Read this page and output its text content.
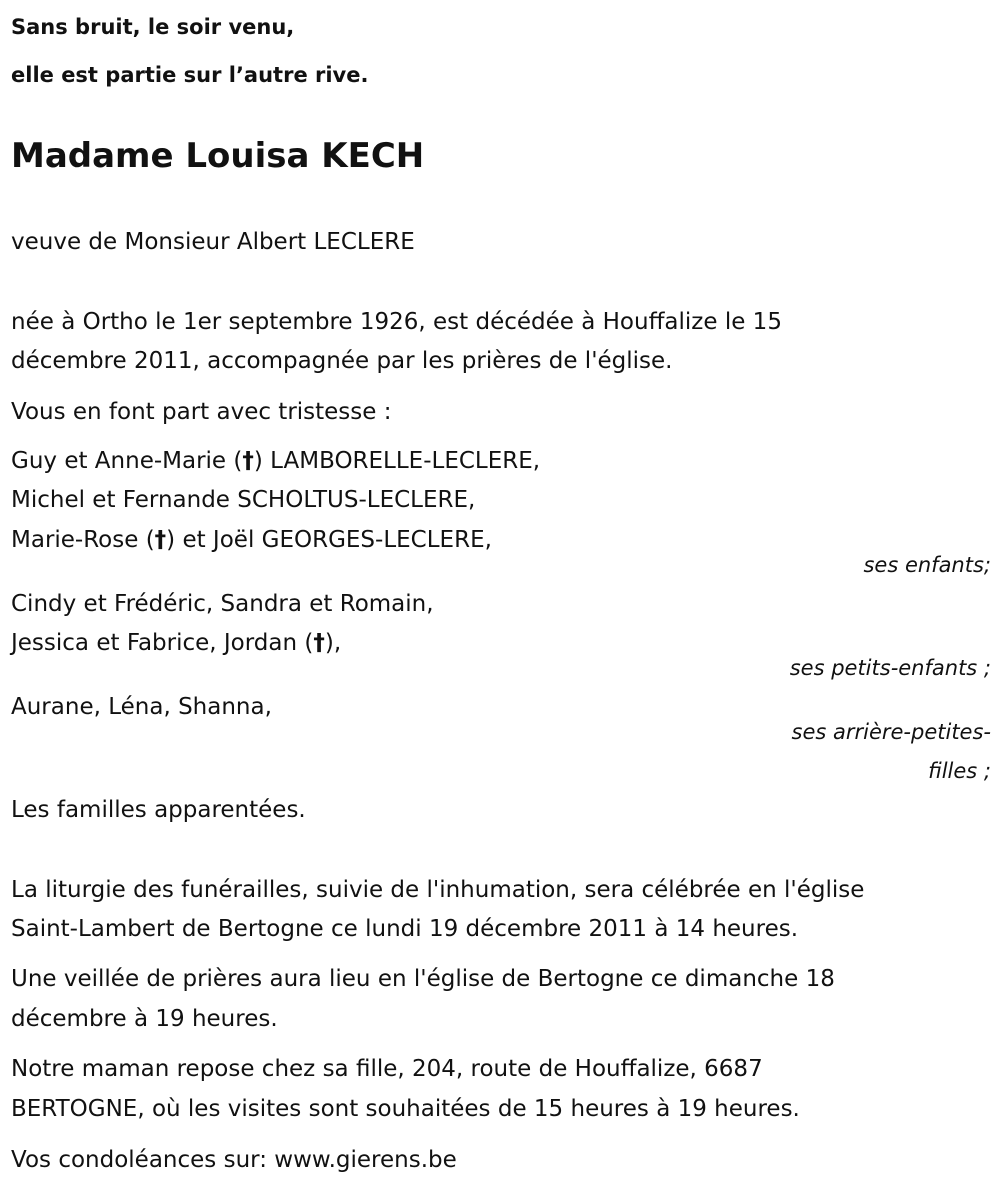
Sans bruit, le soir venu,

elle est partie sur l’autre rive.

Madame Louisa KECH

veuve de Monsieur Albert LECLERE

née à Ortho le 1er septembre 1926, est décédée à Houffalize le 15

décembre 2011, accompagnée par les prières de l'église.

Vous en font part avec tristesse :

Guy et Anne-Marie (†) LAMBORELLE-LECLERE,

Michel et Fernande SCHOLTUS-LECLERE,

Marie-Rose (†) et Joël GEORGES-LECLERE,

ses enfants;

Cindy et Frédéric, Sandra et Romain,

Jessica et Fabrice, Jordan (†),

ses petits-enfants ;

Aurane, Léna, Shanna,

ses arrière-petites-

filles ;

Les familles apparentées.

La liturgie des funérailles, suivie de l'inhumation, sera célébrée en l'église

Saint-Lambert de Bertogne ce lundi 19 décembre 2011 à 14 heures.

Une veillée de prières aura lieu en l'église de Bertogne ce dimanche 18

décembre à 19 heures.

Notre maman repose chez sa fille, 204, route de Houffalize, 6687

BERTOGNE, où les visites sont souhaitées de 15 heures à 19 heures.

Vos condoléances sur: www.gierens.be
